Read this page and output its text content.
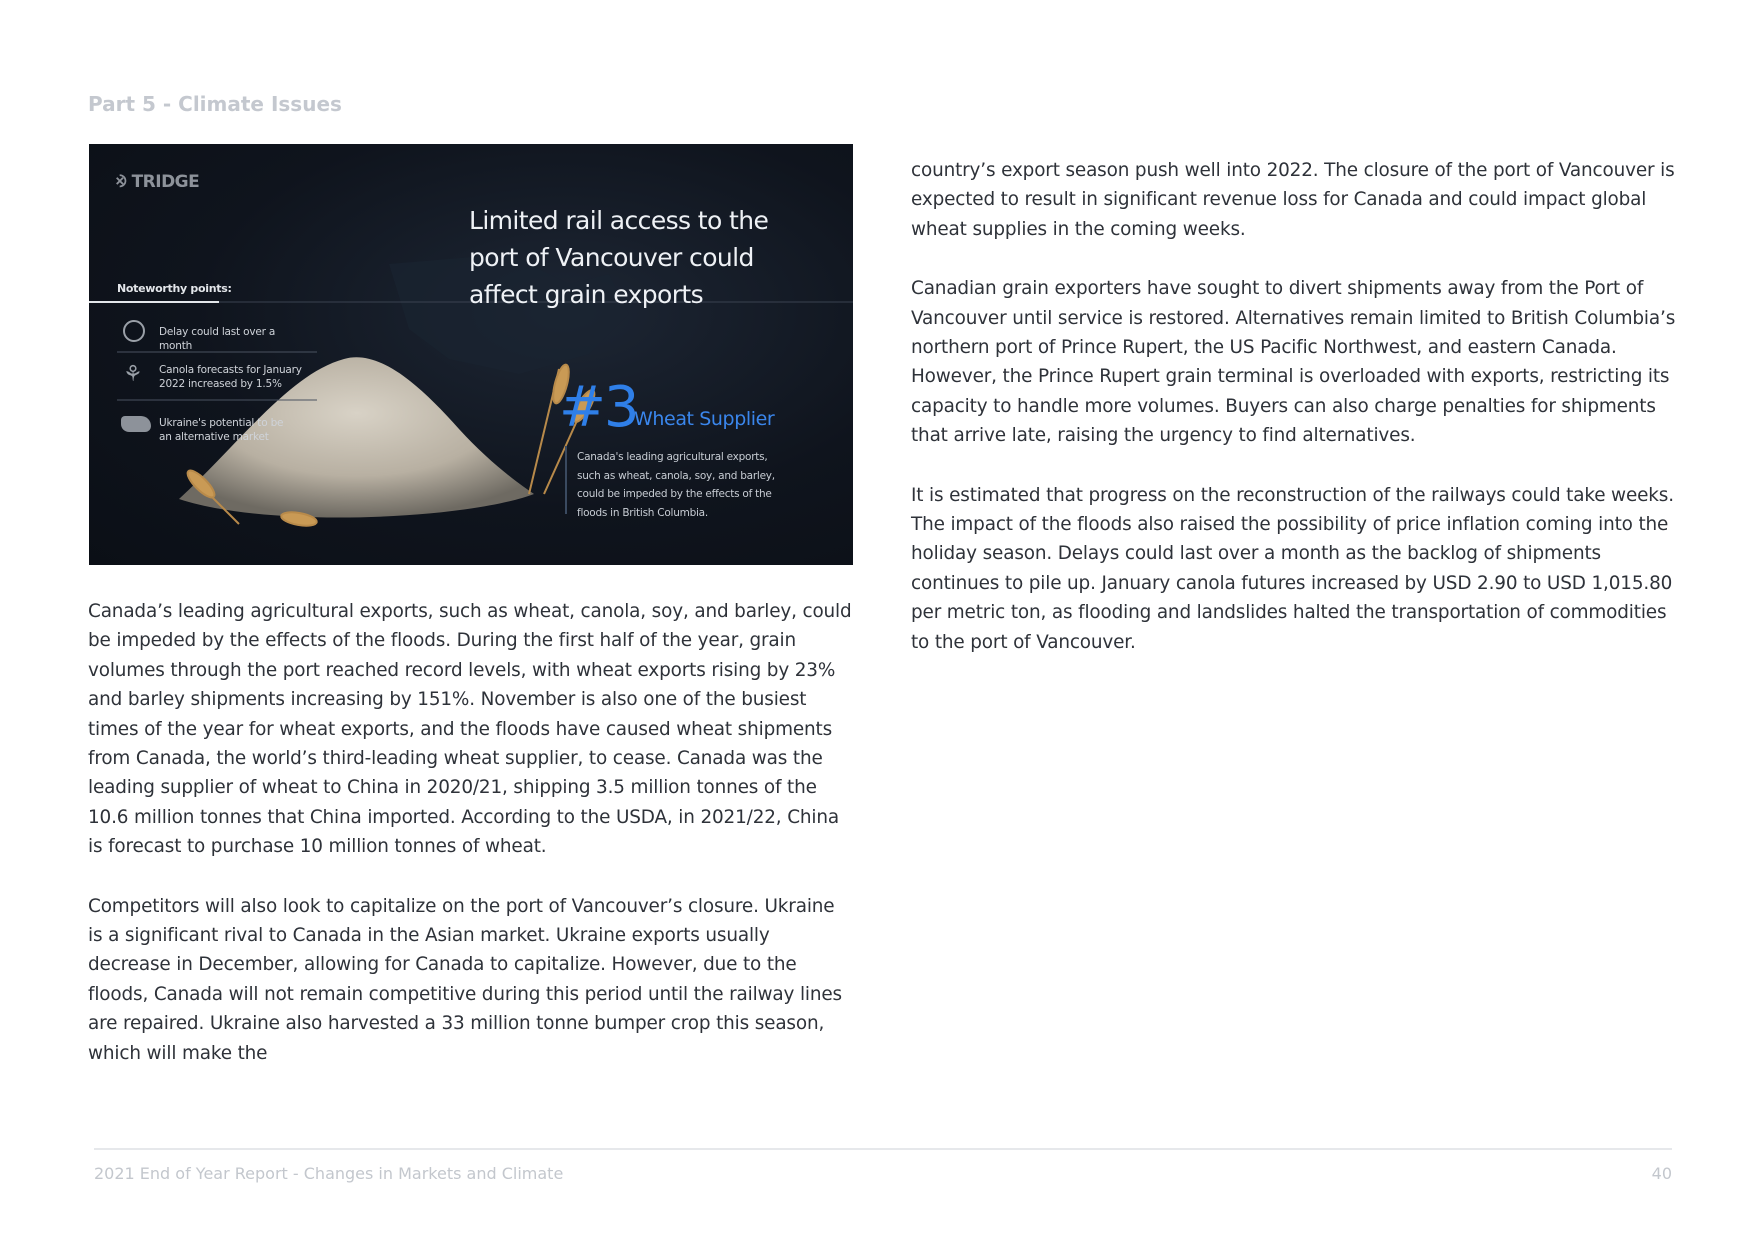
Part 5 - Climate Issues
⨵ TRIDGE
Limited rail access to the port of Vancouver could affect grain exports
Noteworthy points:
⚘
Delay could last over a month
Canola forecasts for January 2022 increased by 1.5%
Ukraine's potential to be an alternative market	#3
Wheat Supplier
Canada's leading agricultural exports, such as wheat, canola, soy, and barley, could be impeded by the effects of the floods in British Columbia.

Canada’s leading agricultural exports, such as wheat, canola, soy, and barley, could be impeded by the effects of the floods. During the first half of the year, grain volumes through the port reached record levels, with wheat exports rising by 23% and barley shipments increasing by 151%. November is also one of the busiest times of the year for wheat exports, and the floods have caused wheat shipments from Canada, the world’s third-leading wheat supplier, to cease. Canada was the leading supplier of wheat to China in 2020/21, shipping 3.5 million tonnes of the 10.6 million tonnes that China imported. According to the USDA, in 2021/22, China is forecast to purchase 10 million tonnes of wheat.

Competitors will also look to capitalize on the port of Vancouver’s closure. Ukraine is a significant rival to Canada in the Asian market. Ukraine exports usually decrease in December, allowing for Canada to capitalize. However, due to the floods, Canada will not remain competitive during this period until the railway lines are repaired. Ukraine also harvested a 33 million tonne bumper crop this season, which will make the

country’s export season push well into 2022. The closure of the port of Vancouver is expected to result in significant revenue loss for Canada and could impact global wheat supplies in the coming weeks.

Canadian grain exporters have sought to divert shipments away from the Port of Vancouver until service is restored. Alternatives remain limited to British Columbia’s northern port of Prince Rupert, the US Pacific Northwest, and eastern Canada. However, the Prince Rupert grain terminal is overloaded with exports, restricting its capacity to handle more volumes. Buyers can also charge penalties for shipments that arrive late, raising the urgency to find alternatives.

It is estimated that progress on the reconstruction of the railways could take weeks. The impact of the floods also raised the possibility of price inflation coming into the holiday season. Delays could last over a month as the backlog of shipments continues to pile up. January canola futures increased by USD 2.90 to USD 1,015.80 per metric ton, as flooding and landslides halted the transportation of commodities to the port of Vancouver.

2021 End of Year Report - Changes in Markets and Climate	40
